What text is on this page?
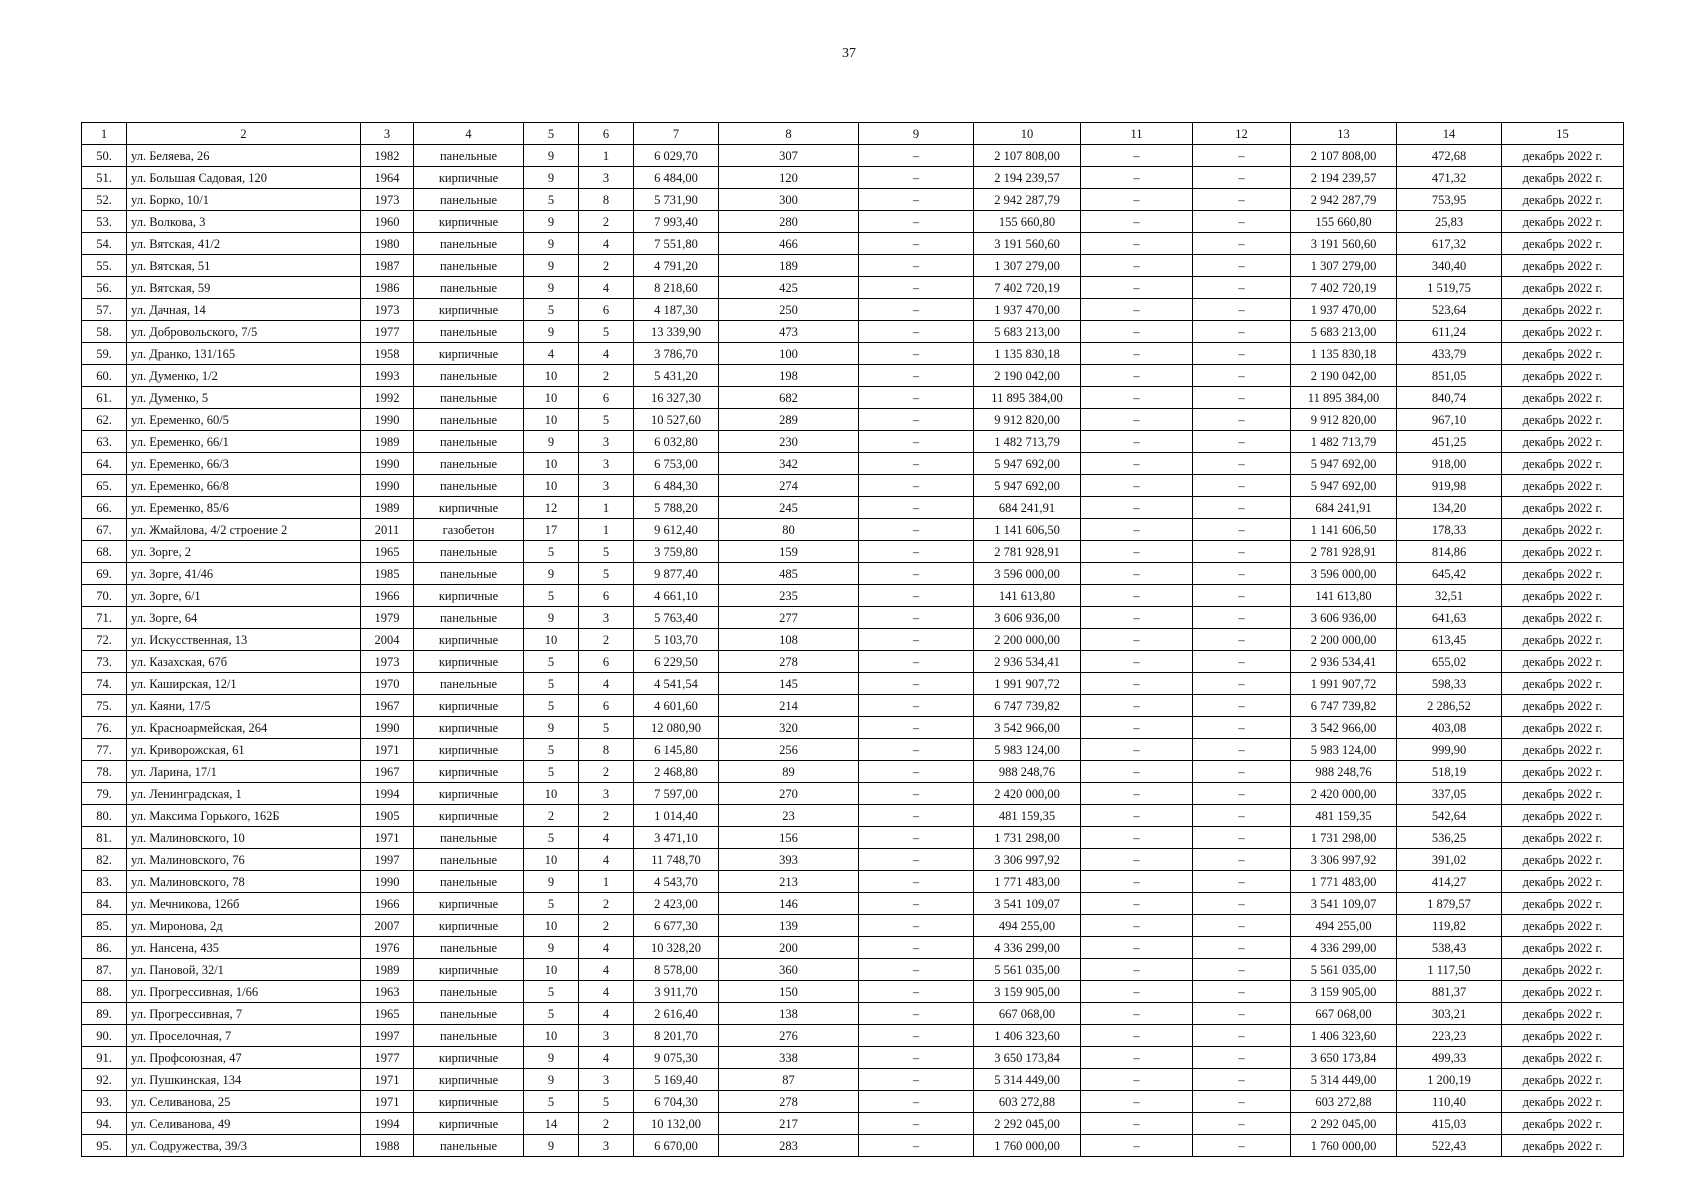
37
1	2	3	4	5	6	7	8	9	10	11	12	13	14	15
50.	ул. Беляева, 26	1982	панельные	9	1	6 029,70	307	–	2 107 808,00	–	–	2 107 808,00	472,68	декабрь 2022 г.
51.	ул. Большая Садовая, 120	1964	кирпичные	9	3	6 484,00	120	–	2 194 239,57	–	–	2 194 239,57	471,32	декабрь 2022 г.
52.	ул. Борко, 10/1	1973	панельные	5	8	5 731,90	300	–	2 942 287,79	–	–	2 942 287,79	753,95	декабрь 2022 г.
53.	ул. Волкова, 3	1960	кирпичные	9	2	7 993,40	280	–	155 660,80	–	–	155 660,80	25,83	декабрь 2022 г.
54.	ул. Вятская, 41/2	1980	панельные	9	4	7 551,80	466	–	3 191 560,60	–	–	3 191 560,60	617,32	декабрь 2022 г.
55.	ул. Вятская, 51	1987	панельные	9	2	4 791,20	189	–	1 307 279,00	–	–	1 307 279,00	340,40	декабрь 2022 г.
56.	ул. Вятская, 59	1986	панельные	9	4	8 218,60	425	–	7 402 720,19	–	–	7 402 720,19	1 519,75	декабрь 2022 г.
57.	ул. Дачная, 14	1973	кирпичные	5	6	4 187,30	250	–	1 937 470,00	–	–	1 937 470,00	523,64	декабрь 2022 г.
58.	ул. Добровольского, 7/5	1977	панельные	9	5	13 339,90	473	–	5 683 213,00	–	–	5 683 213,00	611,24	декабрь 2022 г.
59.	ул. Дранко, 131/165	1958	кирпичные	4	4	3 786,70	100	–	1 135 830,18	–	–	1 135 830,18	433,79	декабрь 2022 г.
60.	ул. Думенко, 1/2	1993	панельные	10	2	5 431,20	198	–	2 190 042,00	–	–	2 190 042,00	851,05	декабрь 2022 г.
61.	ул. Думенко, 5	1992	панельные	10	6	16 327,30	682	–	11 895 384,00	–	–	11 895 384,00	840,74	декабрь 2022 г.
62.	ул. Еременко, 60/5	1990	панельные	10	5	10 527,60	289	–	9 912 820,00	–	–	9 912 820,00	967,10	декабрь 2022 г.
63.	ул. Еременко, 66/1	1989	панельные	9	3	6 032,80	230	–	1 482 713,79	–	–	1 482 713,79	451,25	декабрь 2022 г.
64.	ул. Еременко, 66/3	1990	панельные	10	3	6 753,00	342	–	5 947 692,00	–	–	5 947 692,00	918,00	декабрь 2022 г.
65.	ул. Еременко, 66/8	1990	панельные	10	3	6 484,30	274	–	5 947 692,00	–	–	5 947 692,00	919,98	декабрь 2022 г.
66.	ул. Еременко, 85/6	1989	кирпичные	12	1	5 788,20	245	–	684 241,91	–	–	684 241,91	134,20	декабрь 2022 г.
67.	ул. Жмайлова, 4/2 строение 2	2011	газобетон	17	1	9 612,40	80	–	1 141 606,50	–	–	1 141 606,50	178,33	декабрь 2022 г.
68.	ул. Зорге, 2	1965	панельные	5	5	3 759,80	159	–	2 781 928,91	–	–	2 781 928,91	814,86	декабрь 2022 г.
69.	ул. Зорге, 41/46	1985	панельные	9	5	9 877,40	485	–	3 596 000,00	–	–	3 596 000,00	645,42	декабрь 2022 г.
70.	ул. Зорге, 6/1	1966	кирпичные	5	6	4 661,10	235	–	141 613,80	–	–	141 613,80	32,51	декабрь 2022 г.
71.	ул. Зорге, 64	1979	панельные	9	3	5 763,40	277	–	3 606 936,00	–	–	3 606 936,00	641,63	декабрь 2022 г.
72.	ул. Искусственная, 13	2004	кирпичные	10	2	5 103,70	108	–	2 200 000,00	–	–	2 200 000,00	613,45	декабрь 2022 г.
73.	ул. Казахская, 67б	1973	кирпичные	5	6	6 229,50	278	–	2 936 534,41	–	–	2 936 534,41	655,02	декабрь 2022 г.
74.	ул. Каширская, 12/1	1970	панельные	5	4	4 541,54	145	–	1 991 907,72	–	–	1 991 907,72	598,33	декабрь 2022 г.
75.	ул. Каяни, 17/5	1967	кирпичные	5	6	4 601,60	214	–	6 747 739,82	–	–	6 747 739,82	2 286,52	декабрь 2022 г.
76.	ул. Красноармейская, 264	1990	кирпичные	9	5	12 080,90	320	–	3 542 966,00	–	–	3 542 966,00	403,08	декабрь 2022 г.
77.	ул. Криворожская, 61	1971	кирпичные	5	8	6 145,80	256	–	5 983 124,00	–	–	5 983 124,00	999,90	декабрь 2022 г.
78.	ул. Ларина, 17/1	1967	кирпичные	5	2	2 468,80	89	–	988 248,76	–	–	988 248,76	518,19	декабрь 2022 г.
79.	ул. Ленинградская, 1	1994	кирпичные	10	3	7 597,00	270	–	2 420 000,00	–	–	2 420 000,00	337,05	декабрь 2022 г.
80.	ул. Максима Горького, 162Б	1905	кирпичные	2	2	1 014,40	23	–	481 159,35	–	–	481 159,35	542,64	декабрь 2022 г.
81.	ул. Малиновского, 10	1971	панельные	5	4	3 471,10	156	–	1 731 298,00	–	–	1 731 298,00	536,25	декабрь 2022 г.
82.	ул. Малиновского, 76	1997	панельные	10	4	11 748,70	393	–	3 306 997,92	–	–	3 306 997,92	391,02	декабрь 2022 г.
83.	ул. Малиновского, 78	1990	панельные	9	1	4 543,70	213	–	1 771 483,00	–	–	1 771 483,00	414,27	декабрь 2022 г.
84.	ул. Мечникова, 126б	1966	кирпичные	5	2	2 423,00	146	–	3 541 109,07	–	–	3 541 109,07	1 879,57	декабрь 2022 г.
85.	ул. Миронова, 2д	2007	кирпичные	10	2	6 677,30	139	–	494 255,00	–	–	494 255,00	119,82	декабрь 2022 г.
86.	ул. Нансена, 435	1976	панельные	9	4	10 328,20	200	–	4 336 299,00	–	–	4 336 299,00	538,43	декабрь 2022 г.
87.	ул. Пановой, 32/1	1989	кирпичные	10	4	8 578,00	360	–	5 561 035,00	–	–	5 561 035,00	1 117,50	декабрь 2022 г.
88.	ул. Прогрессивная, 1/66	1963	панельные	5	4	3 911,70	150	–	3 159 905,00	–	–	3 159 905,00	881,37	декабрь 2022 г.
89.	ул. Прогрессивная, 7	1965	панельные	5	4	2 616,40	138	–	667 068,00	–	–	667 068,00	303,21	декабрь 2022 г.
90.	ул. Проселочная, 7	1997	панельные	10	3	8 201,70	276	–	1 406 323,60	–	–	1 406 323,60	223,23	декабрь 2022 г.
91.	ул. Профсоюзная, 47	1977	кирпичные	9	4	9 075,30	338	–	3 650 173,84	–	–	3 650 173,84	499,33	декабрь 2022 г.
92.	ул. Пушкинская, 134	1971	кирпичные	9	3	5 169,40	87	–	5 314 449,00	–	–	5 314 449,00	1 200,19	декабрь 2022 г.
93.	ул. Селиванова, 25	1971	кирпичные	5	5	6 704,30	278	–	603 272,88	–	–	603 272,88	110,40	декабрь 2022 г.
94.	ул. Селиванова, 49	1994	кирпичные	14	2	10 132,00	217	–	2 292 045,00	–	–	2 292 045,00	415,03	декабрь 2022 г.
95.	ул. Содружества, 39/3	1988	панельные	9	3	6 670,00	283	–	1 760 000,00	–	–	1 760 000,00	522,43	декабрь 2022 г.
